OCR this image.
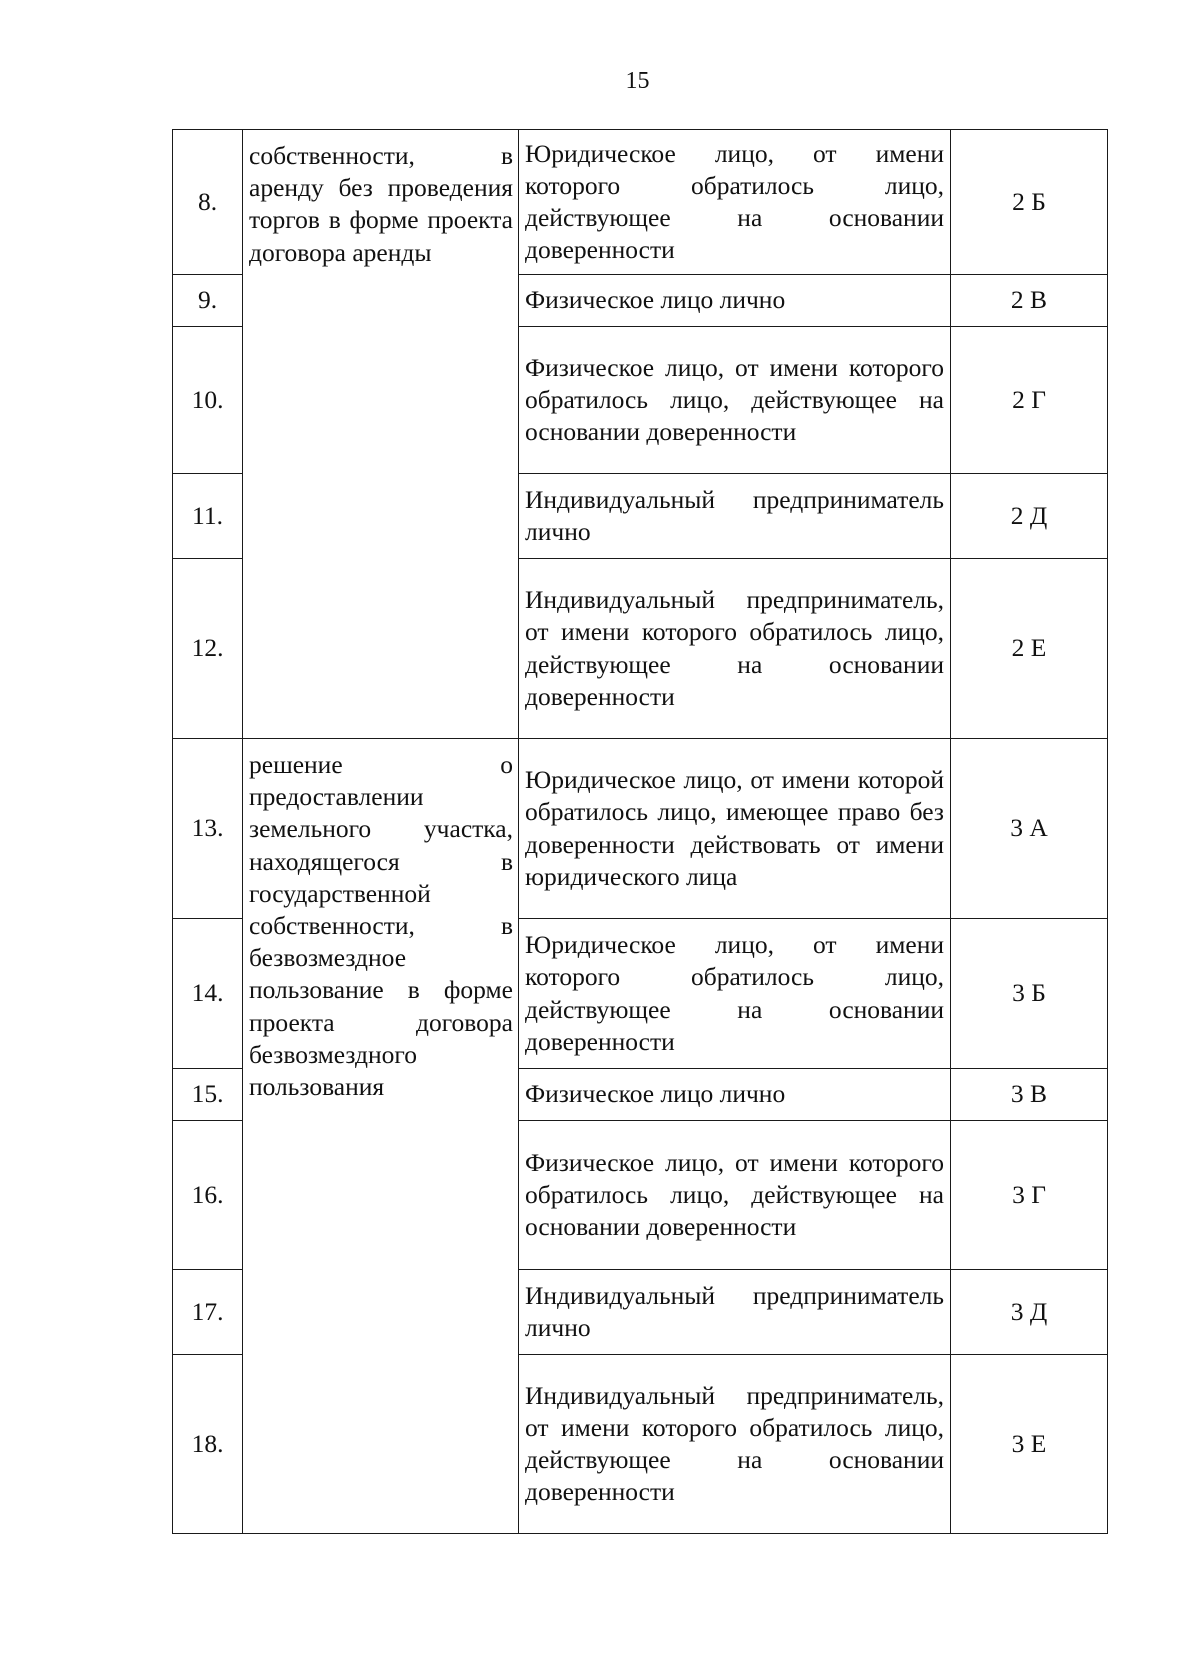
15
8.	собственности, в аренду без проведения торгов в форме проекта договора аренды	Юридическое лицо, от имени которого обратилось лицо, действующее на основании доверенности	2 Б
9.		Физическое лицо лично	2 В
10.		Физическое лицо, от имени которого обратилось лицо, действующее на основании доверенности	2 Г
11.		Индивидуальный предприниматель лично	2 Д
12.		Индивидуальный предприниматель, от имени которого обратилось лицо, действующее на основании доверенности	2 Е
13.	решение о предоставлении земельного участка, находящегося в государственной собственности, в безвозмездное пользование в форме проекта договора безвозмездного пользования	Юридическое лицо, от имени которой обратилось лицо, имеющее право без доверенности действовать от имени юридического лица	3 А
14.		Юридическое лицо, от имени которого обратилось лицо, действующее на основании доверенности	3 Б
15.		Физическое лицо лично	3 В
16.		Физическое лицо, от имени которого обратилось лицо, действующее на основании доверенности	3 Г
17.		Индивидуальный предприниматель лично	3 Д
18.		Индивидуальный предприниматель, от имени которого обратилось лицо, действующее на основании доверенности	3 Е
